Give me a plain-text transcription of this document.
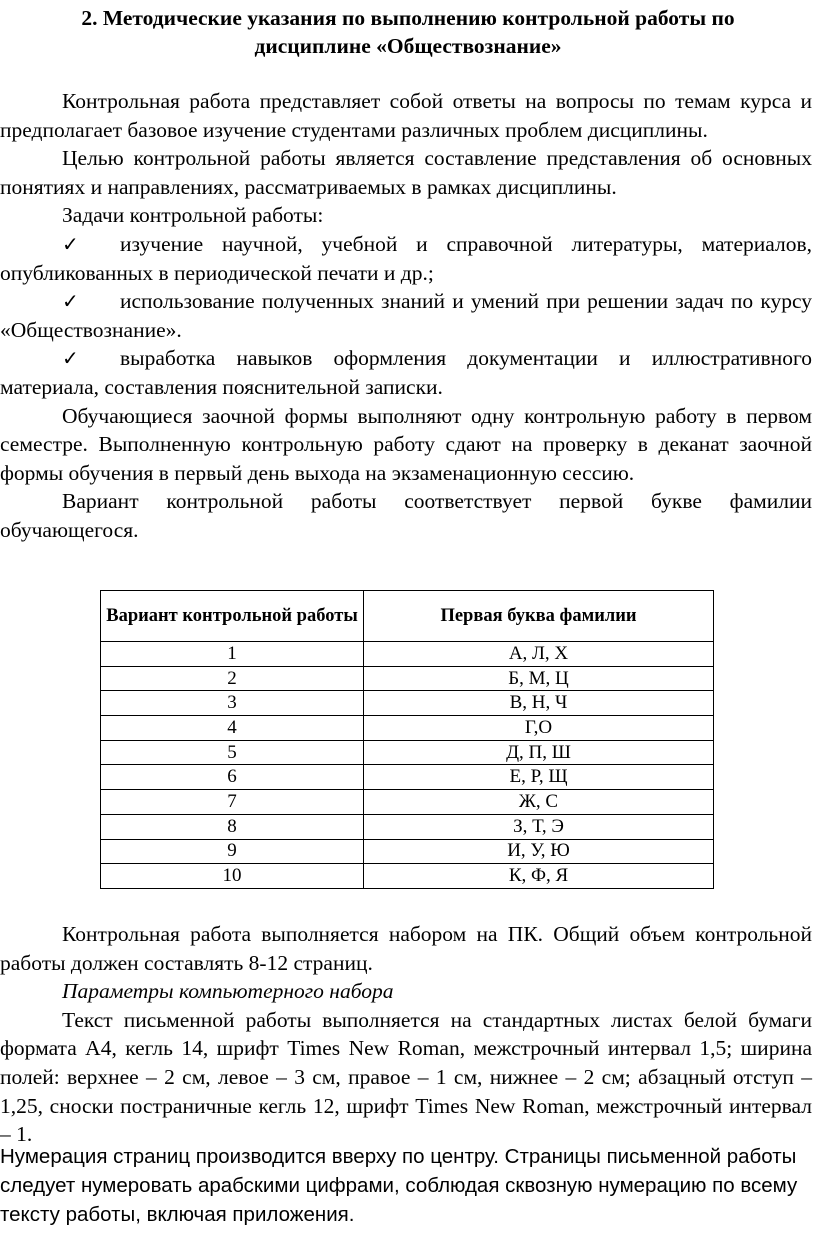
2. Методические указания по выполнению контрольной работы по
дисциплине «Обществознание»

Контрольная работа представляет собой ответы на вопросы по темам курса и предполагает базовое изучение студентами различных проблем дисциплины.

Целью контрольной работы является составление представления об основных понятиях и направлениях, рассматриваемых в рамках дисциплины.

Задачи контрольной работы:

✓ изучение научной, учебной и справочной литературы, материалов, опубликованных в периодической печати и др.;

✓ использование полученных знаний и умений при решении задач по курсу «Обществознание».

✓ выработка навыков оформления документации и иллюстративного материала, составления пояснительной записки.

Обучающиеся заочной формы выполняют одну контрольную работу в первом семестре. Выполненную контрольную работу сдают на проверку в деканат заочной формы обучения в первый день выхода на экзаменационную сессию.

Вариант контрольной работы соответствует первой букве фамилии обучающегося.

Вариант контрольной работы	Первая буква фамилии
1	А, Л, Х
2	Б, М, Ц
3	В, Н, Ч
4	Г,О
5	Д, П, Ш
6	Е, Р, Щ
7	Ж, С
8	З, Т, Э
9	И, У, Ю
10	К, Ф, Я

Контрольная работа выполняется набором на ПК. Общий объем контрольной работы должен составлять 8-12 страниц.

Параметры компьютерного набора

Текст письменной работы выполняется на стандартных листах белой бумаги формата А4, кегль 14, шрифт Times New Roman, межстрочный интервал 1,5; ширина полей: верхнее – 2 см, левое – 3 см, правое – 1 см, нижнее – 2 см; абзацный отступ – 1,25, сноски постраничные кегль 12, шрифт Times New Roman, межстрочный интервал – 1.

Нумерация страниц производится вверху по центру. Страницы письменной работы следует нумеровать арабскими цифрами, соблюдая сквозную нумерацию по всему тексту работы, включая приложения.
